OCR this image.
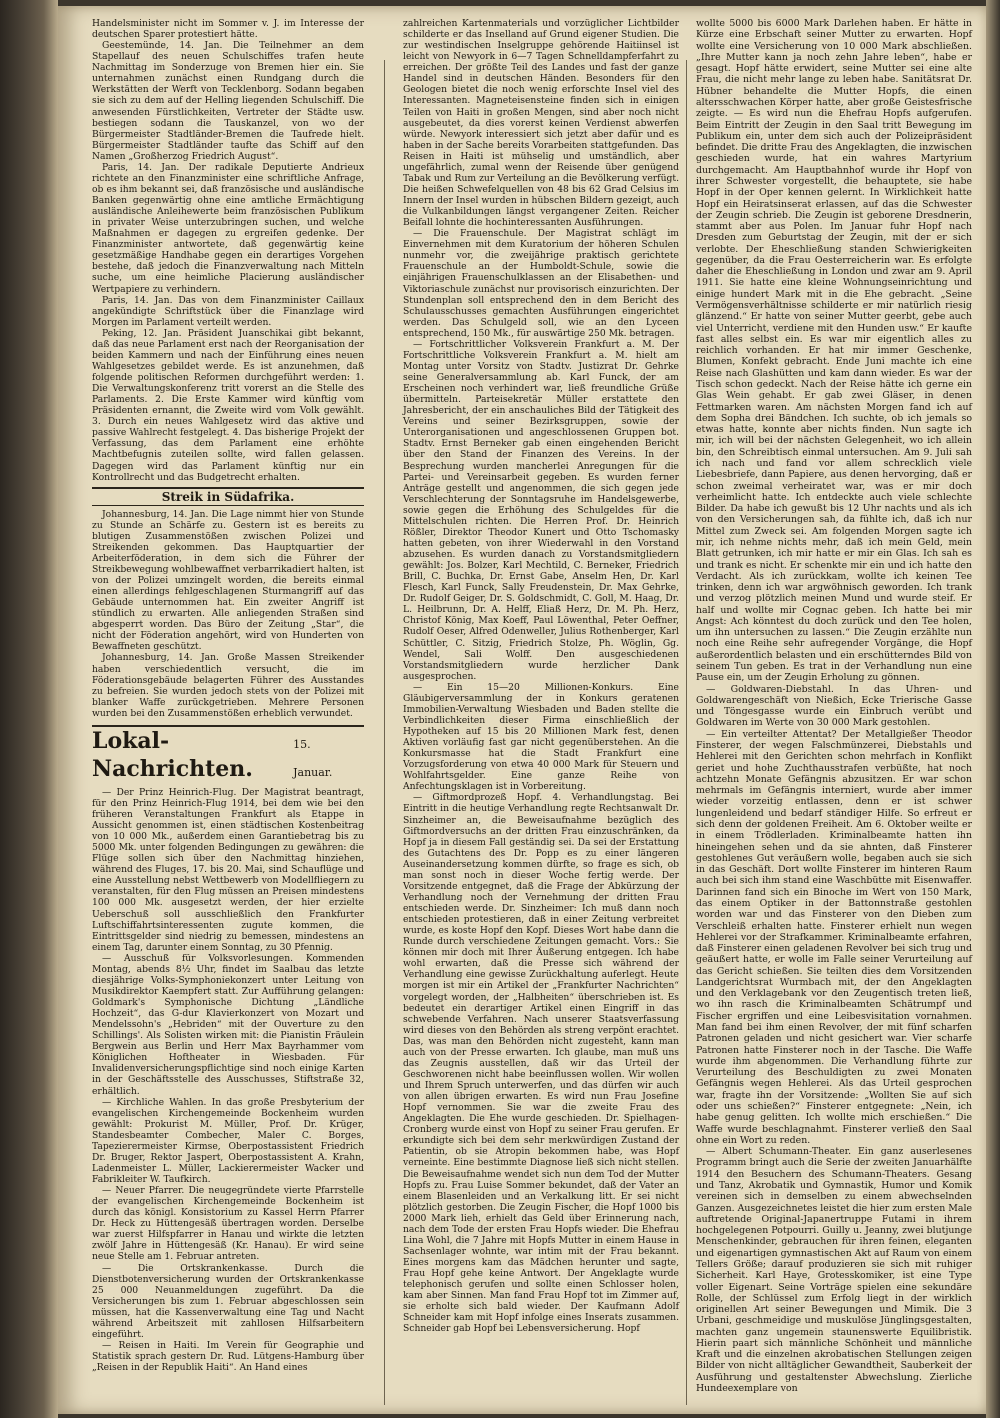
Handelsminister nicht im Sommer v. J. im Interesse der deutschen Sparer protestiert hätte.

Geestemünde, 14. Jan. Die Teilnehmer an dem Stapellauf des neuen Schulschiffes trafen heute Nachmittag im Sonderzuge von Bremen hier ein. Sie unternahmen zunächst einen Rundgang durch die Werkstätten der Werft von Tecklenborg. Sodann begaben sie sich zu dem auf der Helling liegenden Schulschiff. Die anwesenden Fürstlichkeiten, Vertreter der Städte usw. bestiegen sodann die Tauskanzel, von wo der Bürgermeister Stadtländer-Bremen die Taufrede hielt. Bürgermeister Stadtländer taufte das Schiff auf den Namen „Großherzog Friedrich August“.

Paris, 14. Jan. Der radikale Deputierte Andrieux richtete an den Finanzminister eine schriftliche Anfrage, ob es ihm bekannt sei, daß französische und ausländische Banken gegenwärtig ohne eine amtliche Ermächtigung ausländische Anleihewerte beim französischen Publikum in privater Weise unterzubringen suchen, und welche Maßnahmen er dagegen zu ergreifen gedenke. Der Finanzminister antwortete, daß gegenwärtig keine gesetzmäßige Handhabe gegen ein derartiges Vorgehen bestehe, daß jedoch die Finanzverwaltung nach Mitteln suche, um eine heimliche Placierung ausländischer Wertpapiere zu verhindern.

Paris, 14. Jan. Das von dem Finanzminister Caillaux angekündigte Schriftstück über die Finanzlage wird Morgen im Parlament verteilt werden.

Peking, 12. Jan. Präsident Juanschikai gibt bekannt, daß das neue Parlament erst nach der Reorganisation der beiden Kammern und nach der Einführung eines neuen Wahlgesetzes gebildet werde. Es ist anzunehmen, daß folgende politischen Reformen durchgeführt werden: 1. Die Verwaltungskonferenz tritt vorerst an die Stelle des Parlaments. 2. Die Erste Kammer wird künftig vom Präsidenten ernannt, die Zweite wird vom Volk gewählt. 3. Durch ein neues Wahlgesetz wird das aktive und passive Wahlrecht festgelegt. 4. Das bisherige Projekt der Verfassung, das dem Parlament eine erhöhte Machtbefugnis zuteilen sollte, wird fallen gelassen. Dagegen wird das Parlament künftig nur ein Kontrollrecht und das Budgetrecht erhalten.

Streik in Südafrika.

Johannesburg, 14. Jan. Die Lage nimmt hier von Stunde zu Stunde an Schärfe zu. Gestern ist es bereits zu blutigen Zusammenstößen zwischen Polizei und Streikenden gekommen. Das Hauptquartier der Arbeiterföderation, in dem sich die Führer der Streikbewegung wohlbewaffnet verbarrikadiert halten, ist von der Polizei umzingelt worden, die bereits einmal einen allerdings fehlgeschlagenen Sturmangriff auf das Gebäude unternommen hat. Ein zweiter Angriff ist stündlich zu erwarten. Alle anliegenden Straßen sind abgesperrt worden. Das Büro der Zeitung „Star“, die nicht der Föderation angehört, wird von Hunderten von Bewaffneten geschützt.

Johannesburg, 14. Jan. Große Massen Streikender haben verschiedentlich versucht, die im Föderationsgebäude belagerten Führer des Ausstandes zu befreien. Sie wurden jedoch stets von der Polizei mit blanker Waffe zurückgetrieben. Mehrere Personen wurden bei den Zusammenstößen erheblich verwundet.

Lokal-Nachrichten.
15. Januar.

— Der Prinz Heinrich-Flug. Der Magistrat beantragt, für den Prinz Heinrich-Flug 1914, bei dem wie bei den früheren Veranstaltungen Frankfurt als Etappe in Aussicht genommen ist, einen städtischen Kostenbeitrag von 10 000 Mk., außerdem einen Garantiebetrag bis zu 5000 Mk. unter folgenden Bedingungen zu gewähren: die Flüge sollen sich über den Nachmittag hinziehen, während des Fluges, 17. bis 20. Mai, sind Schauflüge und eine Ausstellung nebst Wettbewerb von Modellfliegern zu veranstalten, für den Flug müssen an Preisen mindestens 100 000 Mk. ausgesetzt werden, der hier erzielte Ueberschuß soll ausschließlich den Frankfurter Luftschiffahrtsinteressenten zugute kommen, die Eintrittsgelder sind niedrig zu bemessen, mindestens an einem Tag, darunter einem Sonntag, zu 30 Pfennig.

— Ausschuß für Volksvorlesungen. Kommenden Montag, abends 8½ Uhr, findet im Saalbau das letzte diesjährige Volks-Symphoniekonzert unter Leitung von Musikdirektor Kaempfert statt. Zur Aufführung gelangen: Goldmark's Symphonische Dichtung „Ländliche Hochzeit“, das G-dur Klavierkonzert von Mozart und Mendelssohn's „Hebriden“ mit der Ouverture zu den Schillings'. Als Solisten wirken mit: die Pianistin Fräulein Bergwein aus Berlin und Herr Max Bayrhammer vom Königlichen Hoftheater in Wiesbaden. Für Invalidenversicherungspflichtige sind noch einige Karten in der Geschäftsstelle des Ausschusses, Stiftstraße 32, erhältlich.

— Kirchliche Wahlen. In das große Presbyterium der evangelischen Kirchengemeinde Bockenheim wurden gewählt: Prokurist M. Müller, Prof. Dr. Krüger, Standesbeamter Combecher, Maler C. Borges, Tapezierermeister Kirmse, Oberpostassistent Friedrich Dr. Bruger, Rektor Jaspert, Oberpostassistent A. Krahn, Ladenmeister L. Müller, Lackierermeister Wacker und Fabrikleiter W. Taufkirch.

— Neuer Pfarrer. Die neugegründete vierte Pfarrstelle der evangelischen Kirchengemeinde Bockenheim ist durch das königl. Konsistorium zu Kassel Herrn Pfarrer Dr. Heck zu Hüttengesäß übertragen worden. Derselbe war zuerst Hilfspfarrer in Hanau und wirkte die letzten zwölf Jahre in Hüttengesäß (Kr. Hanau). Er wird seine neue Stelle am 1. Februar antreten.

— Die Ortskrankenkasse. Durch die Dienstbotenversicherung wurden der Ortskrankenkasse 25 000 Neuanmeldungen zugeführt. Da die Versicherungen bis zum 1. Februar abgeschlossen sein müssen, hat die Kassenverwaltung eine Tag und Nacht während Arbeitszeit mit zahllosen Hilfsarbeitern eingeführt.

— Reisen in Haiti. Im Verein für Geographie und Statistik sprach gestern Dr. Rud. Lütgens-Hamburg über „Reisen in der Republik Haiti“. An Hand eines

zahlreichen Kartenmaterials und vorzüglicher Lichtbilder schilderte er das Inselland auf Grund eigener Studien. Die zur westindischen Inselgruppe gehörende Haitiinsel ist leicht von Newyork in 6—7 Tagen Schnelldampferfahrt zu erreichen. Der größte Teil des Landes und fast der ganze Handel sind in deutschen Händen. Besonders für den Geologen bietet die noch wenig erforschte Insel viel des Interessanten. Magneteisensteine finden sich in einigen Teilen von Haiti in großen Mengen, sind aber noch nicht ausgebeutet, da dies vorerst keinen Verdienst abwerfen würde. Newyork interessiert sich jetzt aber dafür und es haben in der Sache bereits Vorarbeiten stattgefunden. Das Reisen in Haiti ist mühselig und umständlich, aber ungefährlich, zumal wenn der Reisende über genügend Tabak und Rum zur Verteilung an die Bevölkerung verfügt. Die heißen Schwefelquellen von 48 bis 62 Grad Celsius im Innern der Insel wurden in hübschen Bildern gezeigt, auch die Vulkanbildungen längst vergangener Zeiten. Reicher Beifall lohnte die hochinteressanten Ausführungen.

— Die Frauenschule. Der Magistrat schlägt im Einvernehmen mit dem Kuratorium der höheren Schulen nunmehr vor, die zweijährige praktisch gerichtete Frauenschule an der Humboldt-Schule, sowie die einjährigen Frauenschulklassen an der Elisabethen- und Viktoriaschule zunächst nur provisorisch einzurichten. Der Stundenplan soll entsprechend den in dem Bericht des Schulausschusses gemachten Ausführungen eingerichtet werden. Das Schulgeld soll, wie an den Lyceen entsprechend, 150 Mk., für auswärtige 250 Mk. betragen.

— Fortschrittlicher Volksverein Frankfurt a. M. Der Fortschrittliche Volksverein Frankfurt a. M. hielt am Montag unter Vorsitz von Stadtv. Justizrat Dr. Gehrke seine Generalversammlung ab. Karl Funck, der am Erscheinen noch verhindert war, ließ freundliche Grüße übermitteln. Parteisekretär Müller erstattete den Jahresbericht, der ein anschauliches Bild der Tätigkeit des Vereins und seiner Bezirksgruppen, sowie der Unterorganisationen und angeschlossenen Gruppen bot. Stadtv. Ernst Berneker gab einen eingehenden Bericht über den Stand der Finanzen des Vereins. In der Besprechung wurden mancherlei Anregungen für die Partei- und Vereinsarbeit gegeben. Es wurden ferner Anträge gestellt und angenommen, die sich gegen jede Verschlechterung der Sonntagsruhe im Handelsgewerbe, sowie gegen die Erhöhung des Schulgeldes für die Mittelschulen richten. Die Herren Prof. Dr. Heinrich Rößler, Direktor Theodor Kunert und Otto Tschomasky hatten gebeten, von ihrer Wiederwahl in den Vorstand abzusehen. Es wurden danach zu Vorstandsmitgliedern gewählt: Jos. Bolzer, Karl Mechtild, C. Berneker, Friedrich Brill, C. Buchka, Dr. Ernst Gabe, Anselm Hen, Dr. Karl Flesch, Karl Funck, Sally Freudenstein, Dr. Max Gehrke, Dr. Rudolf Geiger, Dr. S. Goldschmidt, C. Goll, M. Haag, Dr. L. Heilbrunn, Dr. A. Helff, Eliaß Herz, Dr. M. Ph. Herz, Christof König, Max Koeff, Paul Löwenthal, Peter Oeffner, Rudolf Oeser, Alfred Odenweller, Julius Rothenberger, Karl Schüttler, C. Sitzig, Friedrich Stolze, Ph. Wöglin, Gg. Wendel, Sali Wolff. Den ausgeschiedenen Vorstandsmitgliedern wurde herzlicher Dank ausgesprochen.

— Ein 15—20 Millionen-Konkurs. Eine Gläubigerversammlung der in Konkurs geratenen Immobilien-Verwaltung Wiesbaden und Baden stellte die Verbindlichkeiten dieser Firma einschließlich der Hypotheken auf 15 bis 20 Millionen Mark fest, denen Aktiven vorläufig fast gar nicht gegenüberstehen. An die Konkursmasse hat die Stadt Frankfurt eine Vorzugsforderung von etwa 40 000 Mark für Steuern und Wohlfahrtsgelder. Eine ganze Reihe von Anfechtungsklagen ist in Vorbereitung.

— Giftmordprozeß Hopf. 4. Verhandlungstag. Bei Eintritt in die heutige Verhandlung regte Rechtsanwalt Dr. Sinzheimer an, die Beweisaufnahme bezüglich des Giftmordversuchs an der dritten Frau einzuschränken, da Hopf ja in diesem Fall geständig sei. Da sei der Erstattung des Gutachtens des Dr. Popp es zu einer längeren Auseinandersetzung kommen dürfte, so frage es sich, ob man sonst noch in dieser Woche fertig werde. Der Vorsitzende entgegnet, daß die Frage der Abkürzung der Verhandlung noch der Vernehmung der dritten Frau entschieden werde. Dr. Sinzheimer: Ich muß dann noch entschieden protestieren, daß in einer Zeitung verbreitet wurde, es koste Hopf den Kopf. Dieses Wort habe dann die Runde durch verschiedene Zeitungen gemacht. Vors.: Sie können mir doch mit Ihrer Äußerung entgegen. Ich habe wohl erwarten, daß die Presse sich während der Verhandlung eine gewisse Zurückhaltung auferlegt. Heute morgen ist mir ein Artikel der „Frankfurter Nachrichten“ vorgelegt worden, der „Halbheiten“ überschrieben ist. Es bedeutet ein derartiger Artikel einen Eingriff in das schwebende Verfahren. Nach unserer Staatsverfassung wird dieses von den Behörden als streng verpönt erachtet. Das, was man den Behörden nicht zugesteht, kann man auch von der Presse erwarten. Ich glaube, man muß uns das Zeugnis ausstellen, daß wir das Urteil der Geschworenen nicht habe beeinflussen wollen. Wir wollen und Ihrem Spruch unterwerfen, und das dürfen wir auch von allen übrigen erwarten. Es wird nun Frau Josefine Hopf vernommen. Sie war die zweite Frau des Angeklagten. Die Ehe wurde geschieden. Dr. Spielhagen-Cronberg wurde einst von Hopf zu seiner Frau gerufen. Er erkundigte sich bei dem sehr merkwürdigen Zustand der Patientin, ob sie Atropin bekommen habe, was Hopf verneinte. Eine bestimmte Diagnose ließ sich nicht stellen. Die Beweisaufnahme wendet sich nun dem Tod der Mutter Hopfs zu. Frau Luise Sommer bekundet, daß der Vater an einem Blasenleiden und an Verkalkung litt. Er sei nicht plötzlich gestorben. Die Zeugin Fischer, die Hopf 1000 bis 2000 Mark lieh, erhielt das Geld über Erinnerung nach, nach dem Tode der ersten Frau Hopfs wieder. Die Ehefrau Lina Wohl, die 7 Jahre mit Hopfs Mutter in einem Hause in Sachsenlager wohnte, war intim mit der Frau bekannt. Eines morgens kam das Mädchen herunter und sagte, Frau Hopf gehe keine Antwort. Der Angeklagte wurde telephonisch gerufen und sollte einen Schlosser holen, kam aber Sinnen. Man fand Frau Hopf tot im Zimmer auf, sie erholte sich bald wieder. Der Kaufmann Adolf Schneider kam mit Hopf infolge eines Inserats zusammen. Schneider gab Hopf bei Lebensversicherung. Hopf

wollte 5000 bis 6000 Mark Darlehen haben. Er hätte in Kürze eine Erbschaft seiner Mutter zu erwarten. Hopf wollte eine Versicherung von 10 000 Mark abschließen. „Ihre Mutter kann ja noch zehn Jahre leben“, habe er gesagt. Hopf hätte erwidert, seine Mutter sei eine alte Frau, die nicht mehr lange zu leben habe. Sanitätsrat Dr. Hübner behandelte die Mutter Hopfs, die einen altersschwachen Körper hatte, aber große Geistesfrische zeigte. — Es wird nun die Ehefrau Hopfs aufgerufen. Beim Eintritt der Zeugin in den Saal tritt Bewegung im Publikum ein, unter dem sich auch der Polizeipräsident befindet. Die dritte Frau des Angeklagten, die inzwischen geschieden wurde, hat ein wahres Martyrium durchgemacht. Am Hauptbahnhof wurde ihr Hopf von ihrer Schwester vorgestellt, die behauptete, sie habe Hopf in der Oper kennen gelernt. In Wirklichkeit hatte Hopf ein Heiratsinserat erlassen, auf das die Schwester der Zeugin schrieb. Die Zeugin ist geborene Dresdnerin, stammt aber aus Polen. Im Januar fuhr Hopf nach Dresden zum Geburtstag der Zeugin, mit der er sich verlobte. Der Eheschließung standen Schwierigkeiten gegenüber, da die Frau Oesterreicherin war. Es erfolgte daher die Eheschließung in London und zwar am 9. April 1911. Sie hatte eine kleine Wohnungseinrichtung und einige hundert Mark mit in die Ehe gebracht. „Seine Vermögensverhältnisse schilderte er mir natürlich riesig glänzend.“ Er hatte von seiner Mutter geerbt, gebe auch viel Unterricht, verdiene mit den Hunden usw.“ Er kaufte fast alles selbst ein. Es war mir eigentlich alles zu reichlich vorhanden. Er hat mir immer Geschenke, Blumen, Konfekt gebracht. Ende Juni machte ich eine Reise nach Glashütten und kam dann wieder. Es war der Tisch schon gedeckt. Nach der Reise hätte ich gerne ein Glas Wein gehabt. Er gab zwei Gläser, in denen Fettmarken waren. Am nächsten Morgen fand ich auf dem Sopha drei Bändchen. Ich suchte, ob ich jemals so etwas hatte, konnte aber nichts finden. Nun sagte ich mir, ich will bei der nächsten Gelegenheit, wo ich allein bin, den Schreibtisch einmal untersuchen. Am 9. Juli sah ich nach und fand vor allem schrecklich viele Liebesbriefe, dann Papiere, aus denen hervorging, daß er schon zweimal verheiratet war, was er mir doch verheimlicht hatte. Ich entdeckte auch viele schlechte Bilder. Da habe ich gewußt bis 12 Uhr nachts und als ich von den Versicherungen sah, da fühlte ich, daß ich nur Mittel zum Zweck sei. Am folgenden Morgen sagte ich mir, ich nehme nichts mehr, daß ich mein Geld, mein Blatt getrunken, ich mir hatte er mir ein Glas. Ich sah es und trank es nicht. Er schenkte mir ein und ich hatte den Verdacht. Als ich zurückkam, wollte ich keinen Tee trinken, denn ich war argwöhnisch geworden. Ich trank und verzog plötzlich meinen Mund und wurde steif. Er half und wollte mir Cognac geben. Ich hatte bei mir Angst: Ach könntest du doch zurück und den Tee holen, um ihn untersuchen zu lassen.“ Die Zeugin erzählte nun noch eine Reihe sehr aufregender Vorgänge, die Hopf außerordentlich belasten und ein erschütterndes Bild von seinem Tun geben. Es trat in der Verhandlung nun eine Pause ein, um der Zeugin Erholung zu gönnen.

— Goldwaren-Diebstahl. In das Uhren- und Goldwarengeschäft von Nießich, Ecke Trierische Gasse und Töngesgasse wurde ein Einbruch verübt und Goldwaren im Werte von 30 000 Mark gestohlen.

— Ein verteilter Attentat? Der Metallgießer Theodor Finsterer, der wegen Falschmünzerei, Diebstahls und Hehlerei mit den Gerichten schon mehrfach in Konflikt geriet und hohe Zuchthausstrafen verbüßte, hat noch achtzehn Monate Gefängnis abzusitzen. Er war schon mehrmals im Gefängnis interniert, wurde aber immer wieder vorzeitig entlassen, denn er ist schwer lungenleidend und bedarf ständiger Hilfe. So erfreut er sich denn der goldenen Freiheit. Am 6. Oktober weilte er in einem Trödlerladen. Kriminalbeamte hatten ihn hineingehen sehen und da sie ahnten, daß Finsterer gestohlenes Gut veräußern wolle, begaben auch sie sich in das Geschäft. Dort wollte Finsterer im hinteren Raum auch bei sich ihm stand eine Waschbütte mit Eisenwaffer. Darinnen fand sich ein Binoche im Wert von 150 Mark, das einem Optiker in der Battonnstraße gestohlen worden war und das Finsterer von den Dieben zum Verschleiß erhalten hatte. Finsterer erhielt nun wegen Hehlerei vor der Strafkammer. Kriminalbeamte erfahren, daß Finsterer einen geladenen Revolver bei sich trug und geäußert hatte, er wolle im Falle seiner Verurteilung auf das Gericht schießen. Sie teilten dies dem Vorsitzenden Landgerichtsrat Wurmbach mit, der den Angeklagten und den Verklagebank vor den Zeugentisch treten ließ, wo ihn rasch die Kriminalbeamten Schätrumpf und Fischer ergriffen und eine Leibesvisitation vornahmen. Man fand bei ihm einen Revolver, der mit fünf scharfen Patronen geladen und nicht gesichert war. Vier scharfe Patronen hatte Finsterer noch in der Tasche. Die Waffe wurde ihm abgenommen. Die Verhandlung führte zur Verurteilung des Beschuldigten zu zwei Monaten Gefängnis wegen Hehlerei. Als das Urteil gesprochen war, fragte ihn der Vorsitzende: „Wollten Sie auf sich oder uns schießen?“ Finsterer entgegnete: „Nein, ich habe genug gelitten. Ich wollte mich erschießen.“ Die Waffe wurde beschlagnahmt. Finsterer verließ den Saal ohne ein Wort zu reden.

— Albert Schumann-Theater. Ein ganz auserlesenes Programm bringt auch die Serie der zweiten Januarhälfte 1914 den Besuchern des Schumann-Theaters. Gesang und Tanz, Akrobatik und Gymnastik, Humor und Komik vereinen sich in demselben zu einem abwechselnden Ganzen. Ausgezeichnetes leistet die hier zum ersten Male auftretende Original-Japanertruppe Futami in ihrem hochgelegenen Potpourri. Guilly u. Jeanny, zwei blutjunge Menschenkinder, gebrauchen für ihren feinen, eleganten und eigenartigen gymnastischen Akt auf Raum von einem Tellers Größe; darauf produzieren sie sich mit ruhiger Sicherheit. Karl Haye, Grotesskomiker, ist eine Type voller Eigenart. Seine Vorträge spielen eine sekundäre Rolle, der Schlüssel zum Erfolg liegt in der wirklich originellen Art seiner Bewegungen und Mimik. Die 3 Urbani, geschmeidige und muskulöse Jünglingsgestalten, machten ganz ungemein staunenswerte Equilibristik. Hierin paart sich männliche Schönheit und männliche Kraft und die einzelnen akrobatischen Stellungen zeigen Bilder von nicht alltäglicher Gewandtheit, Sauberkeit der Ausführung und gestaltenster Abwechslung. Zierliche Hundeexemplare von
